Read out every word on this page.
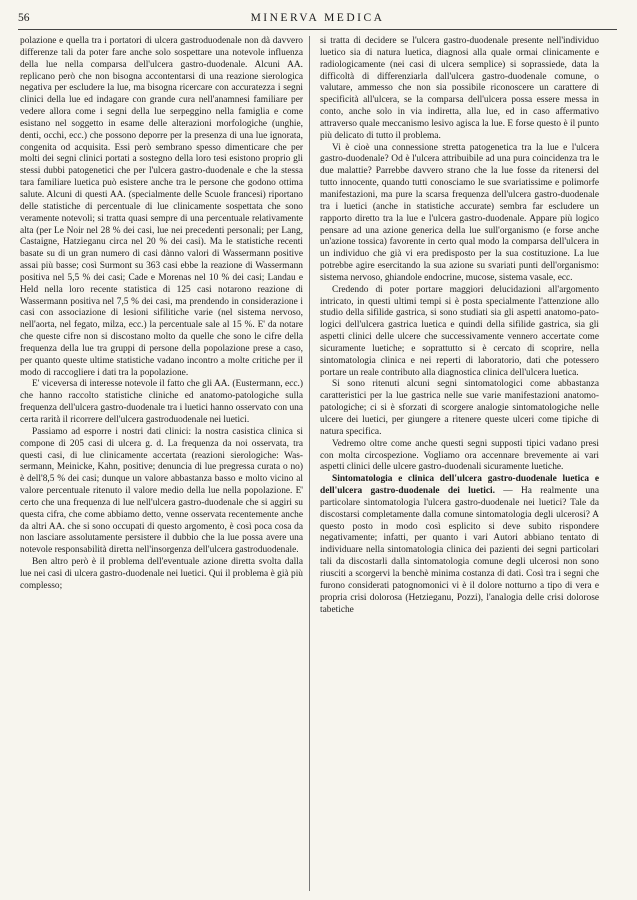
56	MINERVA MEDICA

polazione e quella tra i portatori di ulcera gastroduodenale non dà davvero differenze tali da poter fare anche solo sospettare una notevole influenza della lue nella comparsa dell'ulcera gastro-duodenale. Alcuni AA. replicano però che non bisogna accontentarsi di una reazione sierologica negativa per escludere la lue, ma bisogna ricercare con accuratezza i segni clinici della lue ed indagare con grande cura nell'anamnesi familiare per vedere allora come i segni della lue serpeggino nella famiglia e come esistano nel soggetto in esame delle alterazioni morfologiche (unghie, denti, occhi, ecc.) che possono deporre per la presenza di una lue ignorata, congenita od acquisita. Essi però sembrano spesso dimenticare che per molti dei segni clinici portati a sostegno della loro tesi esistono proprio gli stessi dubbi patogenetici che per l'ulcera gastro-duodenale e che la stessa tara familiare luetica può esistere anche tra le persone che godono ottima salute. Alcuni di questi AA. (specialmente delle Scuole francesi) riportano delle statistiche di percentuale di lue clinicamente sospettata che sono veramente notevoli; si tratta quasi sempre di una percentuale relativamente alta (per Le Noir nel 28 % dei casi, lue nei precedenti personali; per Lang, Castaigne, Hatzieganu circa nel 20 % dei casi). Ma le statistiche recenti basate su di un gran numero di casi dànno valori di Wassermann positive assai più basse; così Surmont su 363 casi ebbe la reazione di Wassermann positiva nel 5,5 % dei casi; Cade e Morenas nel 10 % dei casi; Landau e Held nella loro recente statistica di 125 casi notarono reazione di Wassermann positiva nel 7,5 % dei casi, ma prendendo in considerazione i casi con associazione di lesioni sifilitiche varie (nel sistema nervoso, nell'aorta, nel fegato, milza, ecc.) la percentuale sale al 15 %. E' da notare che queste cifre non si discostano molto da quelle che sono le cifre della frequenza della lue tra gruppi di persone della popolazione prese a caso, per quanto queste ultime statistiche vadano incontro a molte critiche per il modo di raccogliere i dati tra la popolazione.

E' viceversa di interesse notevole il fatto che gli AA. (Eustermann, ecc.) che hanno raccolto statistiche cliniche ed anatomo-patologiche sulla frequenza dell'ulcera gastro-duodenale tra i luetici hanno osservato con una certa rarità il ricorrere dell'ulcera gastroduodenale nei luetici.

Passiamo ad esporre i nostri dati clinici: la nostra casistica clinica si compone di 205 casi di ulcera g. d. La frequenza da noi osservata, tra questi casi, di lue clinicamente accertata (reazioni sierologiche: Wassermann, Meinicke, Kahn, positive; denuncia di lue pregressa curata o no) è dell'8,5 % dei casi; dunque un valore abbastanza basso e molto vicino al valore percentuale ritenuto il valore medio della lue nella popolazione. E' certo che una frequenza di lue nell'ulcera gastro-duodenale che si aggiri su questa cifra, che come abbiamo detto, venne osservata recentemente anche da altri AA. che si sono occupati di questo argomento, è così poca cosa da non lasciare assolutamente persistere il dubbio che la lue possa avere una notevole responsabilità diretta nell'insorgenza dell'ulcera gastroduodenale.

Ben altro però è il problema dell'eventuale azione diretta svolta dalla lue nei casi di ulcera gastro-duodenale nei luetici. Qui il problema è già più complesso;

si tratta di decidere se l'ulcera gastro-duodenale presente nell'individuo luetico sia di natura luetica, diagnosi alla quale ormai clinicamente e radiologicamente (nei casi di ulcera semplice) si soprassiede, data la difficoltà di differenziarla dall'ulcera gastro-duodenale comune, o valutare, ammesso che non sia possibile riconoscere un carattere di specificità all'ulcera, se la comparsa dell'ulcera possa essere messa in conto, anche solo in via indiretta, alla lue, ed in caso affermativo attraverso quale meccanismo lesivo agisca la lue. E forse questo è il punto più delicato di tutto il problema.

Vi è cioè una connessione stretta patogenetica tra la lue e l'ulcera gastro-duodenale? Od è l'ulcera attribuibile ad una pura coincidenza tra le due malattie? Parrebbe davvero strano che la lue fosse da ritenersi del tutto innocente, quando tutti conosciamo le sue svariatissime e polimorfe manifestazioni, ma pure la scarsa frequenza dell'ulcera gastro-duodenale tra i luetici (anche in statistiche accurate) sembra far escludere un rapporto diretto tra la lue e l'ulcera gastro-duodenale. Appare più logico pensare ad una azione generica della lue sull'organismo (e forse anche un'azione tossica) favorente in certo qual modo la comparsa dell'ulcera in un individuo che già vi era predisposto per la sua costituzione. La lue potrebbe agire esercitando la sua azione su svariati punti dell'organismo: sistema nervoso, ghiandole endocrine, mucose, sistema vasale, ecc.

Credendo di poter portare maggiori delucidazioni all'argomento intricato, in questi ultimi tempi si è posta specialmente l'attenzione allo studio della sifilide gastrica, si sono studiati sia gli aspetti anatomo-patologici dell'ulcera gastrica luetica e quindi della sifilide gastrica, sia gli aspetti clinici delle ulcere che successivamente vennero accertate come sicuramente luetiche; e soprattutto si è cercato di scoprire, nella sintomatologia clinica e nei reperti di laboratorio, dati che potessero portare un reale contributo alla diagnostica clinica dell'ulcera luetica.

Si sono ritenuti alcuni segni sintomatologici come abbastanza caratteristici per la lue gastrica nelle sue varie manifestazioni anatomo-patologiche; ci si è sforzati di scorgere analogie sintomatologiche nelle ulcere dei luetici, per giungere a ritenere queste ulceri come tipiche di natura specifica.

Vedremo oltre come anche questi segni supposti tipici vadano presi con molta circospezione. Vogliamo ora accennare brevemente ai vari aspetti clinici delle ulcere gastro-duodenali sicuramente luetiche.

Sintomatologia e clinica dell'ulcera gastro-duodenale luetica e dell'ulcera gastro-duodenale dei luetici. — Ha realmente una particolare sintomatologia l'ulcera gastro-duodenale nei luetici? Tale da discostarsi completamente dalla comune sintomatologia degli ulcerosi? A questo posto in modo così esplicito si deve subito rispondere negativamente; infatti, per quanto i vari Autori abbiano tentato di individuare nella sintomatologia clinica dei pazienti dei segni particolari tali da discostarli dalla sintomatologia comune degli ulcerosi non sono riusciti a scorgervi la benchè minima costanza di dati. Così tra i segni che furono considerati patognomonici vi è il dolore notturno a tipo di vera e propria crisi dolorosa (Hetzieganu, Pozzi), l'analogia delle crisi dolorose tabetiche
